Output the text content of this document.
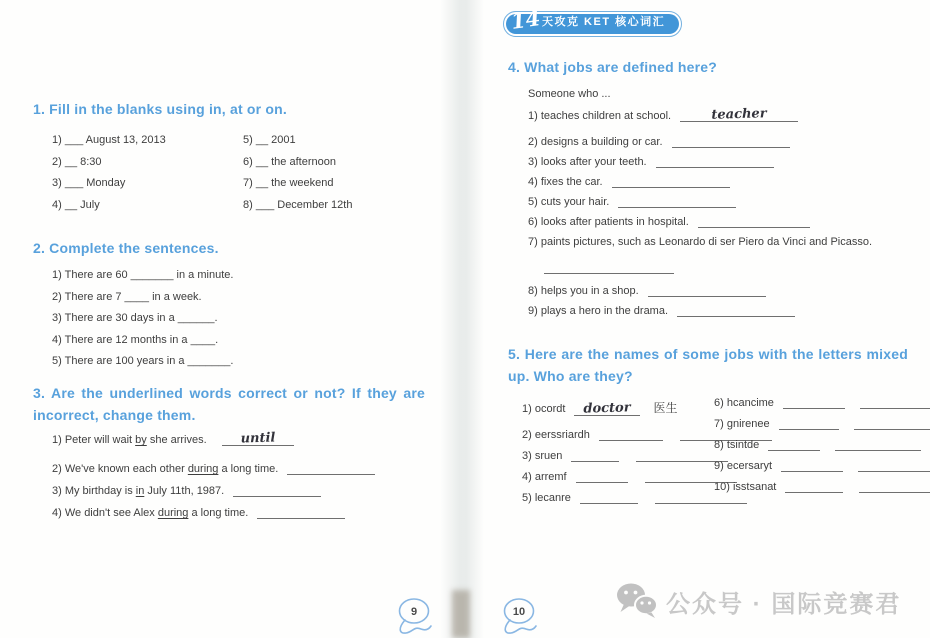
1. Fill in the blanks using in, at or on.
1) ___ August 13, 2013
2) __ 8:30
3) ___ Monday
4) __ July
5) __ 2001
6) __ the afternoon
7) __ the weekend
8) ___ December 12th
2. Complete the sentences.
1) There are 60 _______ in a minute.
2) There are 7 ____ in a week.
3) There are 30 days in a ______.
4) There are 12 months in a ____.
5) There are 100 years in a _______.
3. Are the underlined words correct or not? If they are
incorrect, change them.
1) Peter will wait by she arrives.	until
2) We've known each other during a long time.
3) My birthday is in July 11th, 1987.
4) We didn't see Alex during a long time.
9
天攻克 KET 核心词汇
14
4. What jobs are defined here?
Someone who ...
1) teaches children at school.	teacher
2) designs a building or car.
3) looks after your teeth.
4) fixes the car.
5) cuts your hair.
6) looks after patients in hospital.
7) paints pictures, such as Leonardo di ser Piero da Vinci and Picasso.
8) helps you in a shop.
9) plays a hero in the drama.
5. Here are the names of some jobs with the letters mixed
up. Who are they?
1) ocordt	doctor	医生
2) eerssriardh
3) sruen
4) arremf
5) lecanre
6) hcancime
7) gnirenee
8) tsintde
9) ecersaryt
10) isstsanat
10	公众号 · 国际竞赛君
